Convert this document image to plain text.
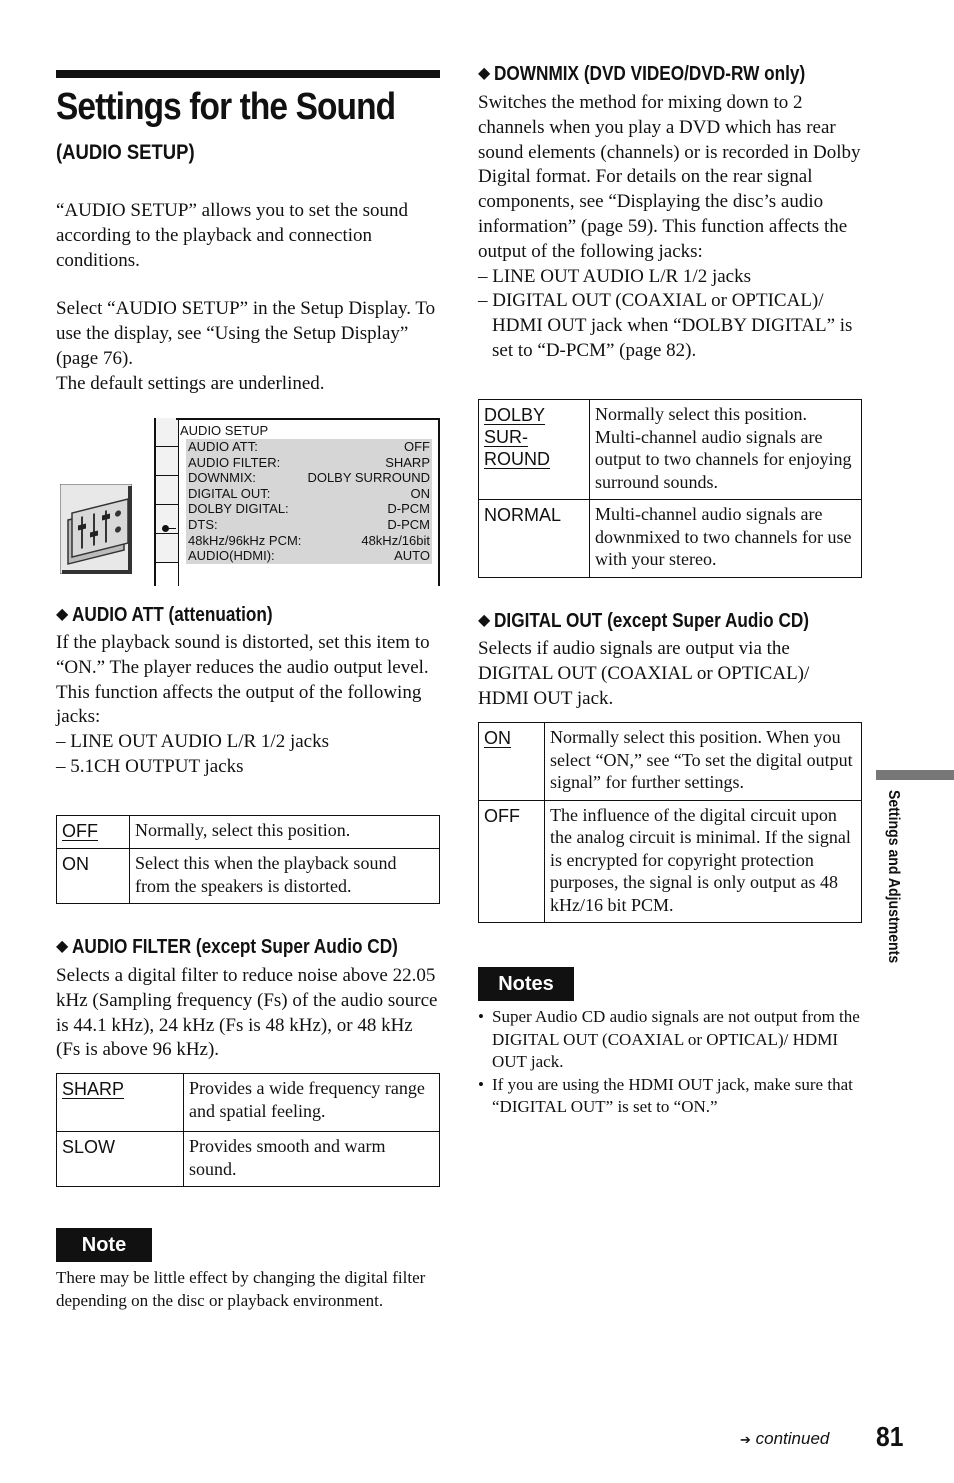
Settings for the Sound
(AUDIO SETUP)

“AUDIO SETUP” allows you to set the sound according to the playback and connection conditions.

Select “AUDIO SETUP” in the Setup Display. To use the display, see “Using the Setup Display” (page 76).

The default settings are underlined.

AUDIO SETUP
AUDIO ATT:	OFF
AUDIO FILTER:	SHARP
DOWNMIX:	DOLBY SURROUND
DIGITAL OUT:	ON
DOLBY DIGITAL:	D-PCM
DTS:	D-PCM
48kHz/96kHz PCM:	48kHz/16bit
AUDIO(HDMI):	AUTO
◆ AUDIO ATT (attenuation)

If the playback sound is distorted, set this item to “ON.” The player reduces the audio output level.

This function affects the output of the following jacks:

– LINE OUT AUDIO L/R 1/2 jacks

– 5.1CH OUTPUT jacks

OFF	Normally, select this position.
ON	Select this when the playback sound from the speakers is distorted.
◆ AUDIO FILTER (except Super Audio CD)

Selects a digital filter to reduce noise above 22.05 kHz (Sampling frequency (Fs) of the audio source is 44.1 kHz), 24 kHz (Fs is 48 kHz), or 48 kHz (Fs is above 96 kHz).

SHARP	Provides a wide frequency range and spatial feeling.
SLOW	Provides smooth and warm sound.
Note
There may be little effect by changing the digital filter depending on the disc or playback environment.
◆ DOWNMIX (DVD VIDEO/DVD-RW only)

Switches the method for mixing down to 2 channels when you play a DVD which has rear sound elements (channels) or is recorded in Dolby Digital format. For details on the rear signal components, see “Displaying the disc’s audio information” (page 59). This function affects the output of the following jacks:

– LINE OUT AUDIO L/R 1/2 jacks

– DIGITAL OUT (COAXIAL or OPTICAL)/ HDMI OUT jack when “DOLBY DIGITAL” is set to “D-PCM” (page 82).

DOLBY SUR-ROUND	Normally select this position. Multi-channel audio signals are output to two channels for enjoying surround sounds.
NORMAL	Multi-channel audio signals are downmixed to two channels for use with your stereo.
◆ DIGITAL OUT (except Super Audio CD)

Selects if audio signals are output via the DIGITAL OUT (COAXIAL or OPTICAL)/ HDMI OUT jack.

ON	Normally select this position. When you select “ON,” see “To set the digital output signal” for further settings.
OFF	The influence of the digital circuit upon the analog circuit is minimal. If the signal is encrypted for copyright protection purposes, the signal is only output as 48 kHz/16 bit PCM.
Notes
• Super Audio CD audio signals are not output from the DIGITAL OUT (COAXIAL or OPTICAL)/ HDMI OUT jack.
• If you are using the HDMI OUT jack, make sure that “DIGITAL OUT” is set to “ON.”
Settings and Adjustments
➔ continued 81
